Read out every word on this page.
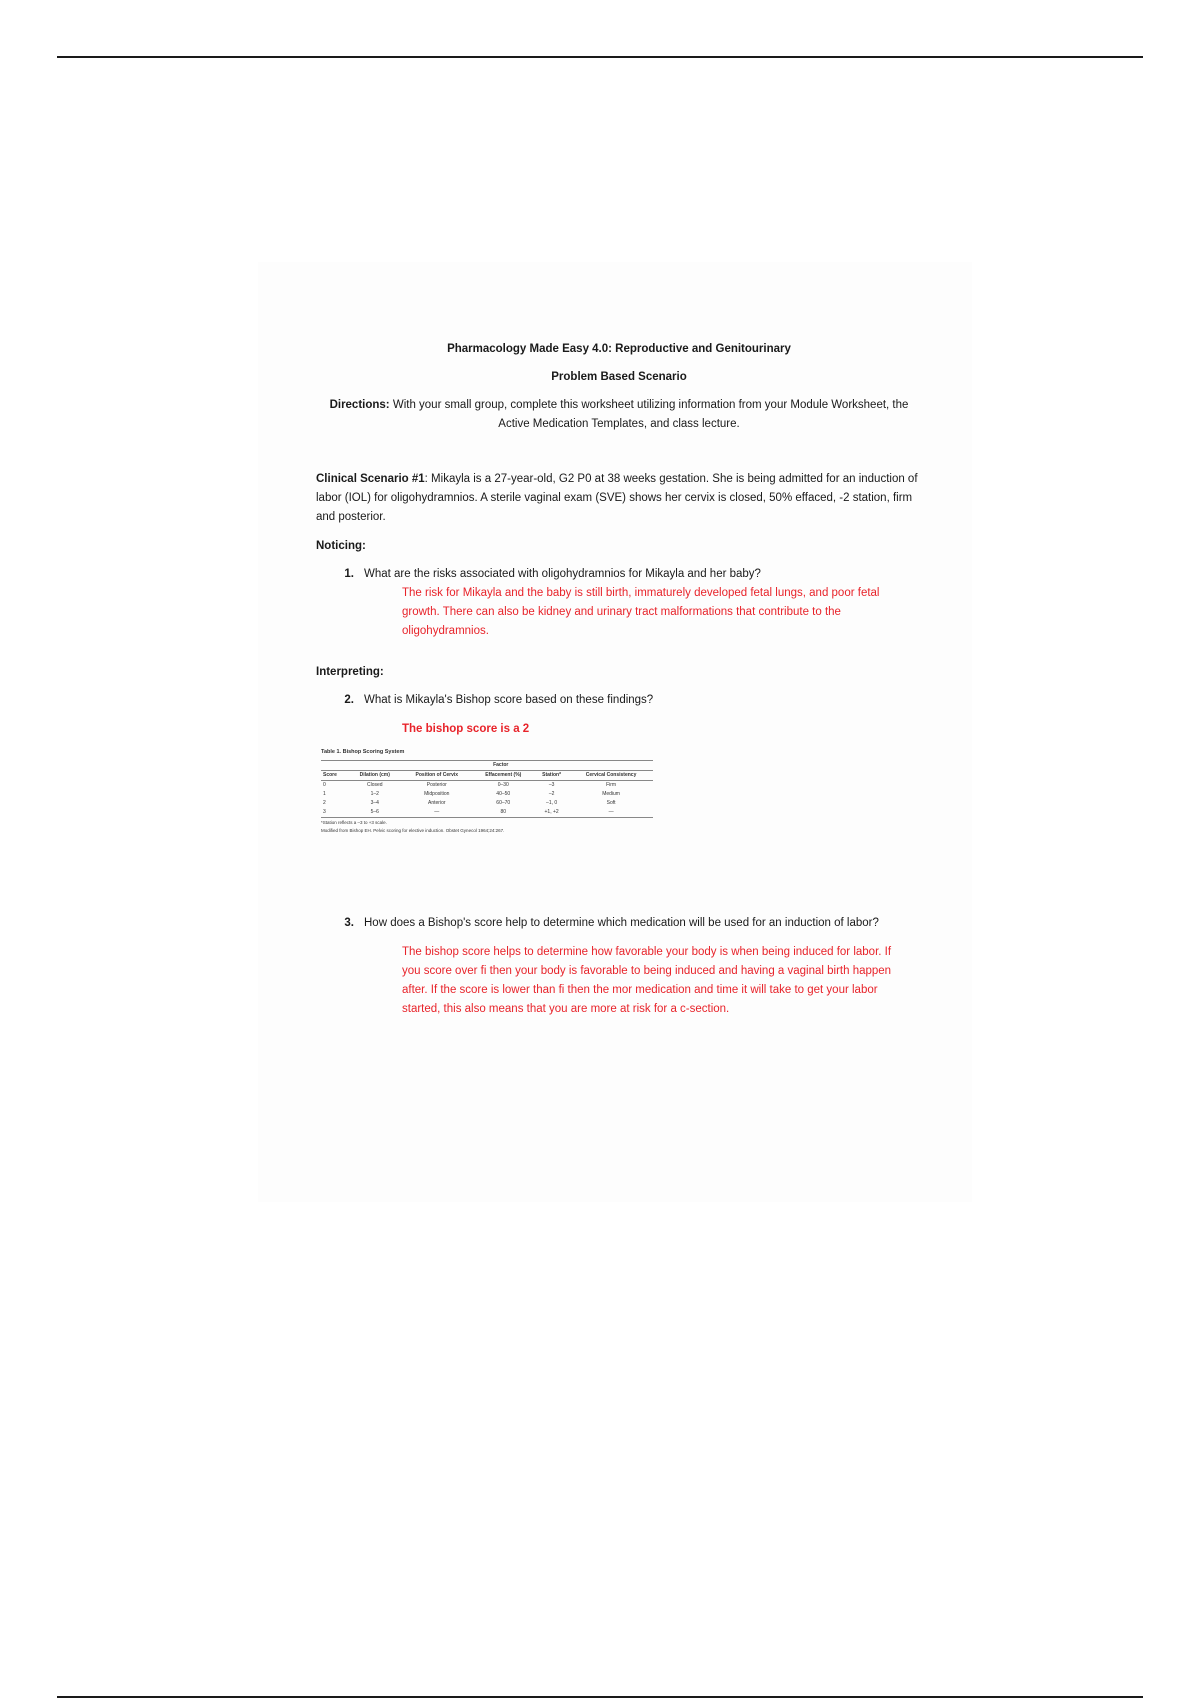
Pharmacology Made Easy 4.0: Reproductive and Genitourinary

Problem Based Scenario

Directions: With your small group, complete this worksheet utilizing information from your Module Worksheet, the Active Medication Templates, and class lecture.

Clinical Scenario #1: Mikayla is a 27-year-old, G2 P0 at 38 weeks gestation. She is being admitted for an induction of labor (IOL) for oligohydramnios. A sterile vaginal exam (SVE) shows her cervix is closed, 50% effaced, -2 station, firm and posterior.

Noticing:

1. What are the risks associated with oligohydramnios for Mikayla and her baby?

The risk for Mikayla and the baby is still birth, immaturely developed fetal lungs, and poor fetal growth. There can also be kidney and urinary tract malformations that contribute to the oligohydramnios.

Interpreting:

2. What is Mikayla's Bishop score based on these findings?

The bishop score is a 2

Table 1. Bishop Scoring System
	Factor				
Score	Dilation (cm)	Position of Cervix	Effacement (%)	Station*	Cervical Consistency
0	Closed	Posterior	0–30	–3	Firm
1	1–2	Midposition	40–50	–2	Medium
2	3–4	Anterior	60–70	–1, 0	Soft
3	5–6	—	80	+1, +2	—
*Station reflects a –3 to +3 scale.
Modified from Bishop EH. Pelvic scoring for elective induction. Obstet Gynecol 1964;24:267.
3. How does a Bishop's score help to determine which medication will be used for an induction of labor?

The bishop score helps to determine how favorable your body is when being induced for labor. If you score over fi then your body is favorable to being induced and having a vaginal birth happen after. If the score is lower than fi then the mor medication and time it will take to get your labor started, this also means that you are more at risk for a c-section.
